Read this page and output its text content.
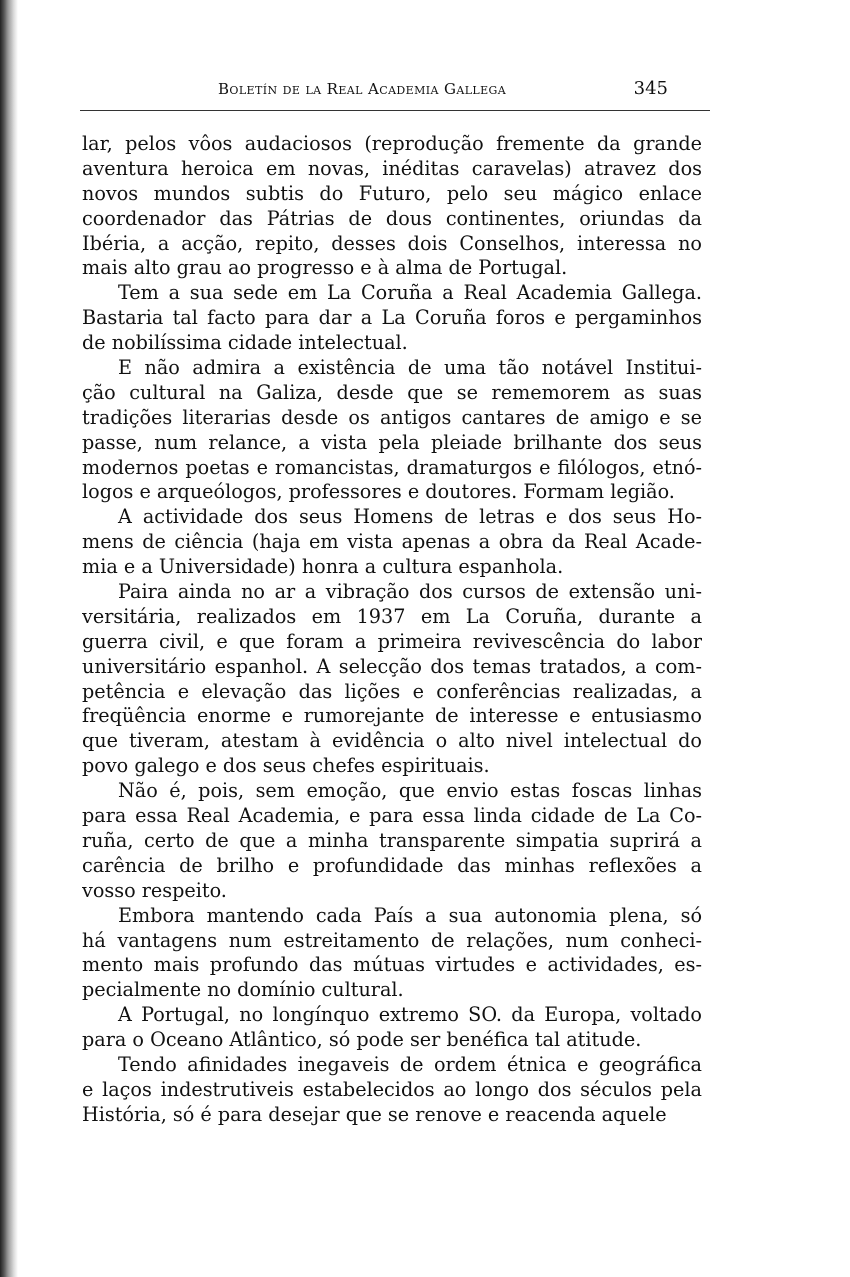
Boletín de la Real Academia Gallega	345
lar, pelos vôos audaciosos (reprodução fremente da grande
aventura heroica em novas, inéditas caravelas) atravez dos
novos mundos subtis do Futuro, pelo seu mágico enlace
coordenador das Pátrias de dous continentes, oriundas da
Ibéria, a acção, repito, desses dois Conselhos, interessa no
mais alto grau ao progresso e à alma de Portugal.
Tem a sua sede em La Coruña a Real Academia Gallega.
Bastaria tal facto para dar a La Coruña foros e pergaminhos
de nobilíssima cidade intelectual.
E não admira a existência de uma tão notável Institui-
ção cultural na Galiza, desde que se rememorem as suas
tradições literarias desde os antigos cantares de amigo e se
passe, num relance, a vista pela pleiade brilhante dos seus
modernos poetas e romancistas, dramaturgos e filólogos, etnó-
logos e arqueólogos, professores e doutores. Formam legião.
A actividade dos seus Homens de letras e dos seus Ho-
mens de ciência (haja em vista apenas a obra da Real Acade-
mia e a Universidade) honra a cultura espanhola.
Paira ainda no ar a vibração dos cursos de extensão uni-
versitária, realizados em 1937 em La Coruña, durante a
guerra civil, e que foram a primeira revivescência do labor
universitário espanhol. A selecção dos temas tratados, a com-
petência e elevação das lições e conferências realizadas, a
freqüência enorme e rumorejante de interesse e entusiasmo
que tiveram, atestam à evidência o alto nivel intelectual do
povo galego e dos seus chefes espirituais.
Não é, pois, sem emoção, que envio estas foscas linhas
para essa Real Academia, e para essa linda cidade de La Co-
ruña, certo de que a minha transparente simpatia suprirá a
carência de brilho e profundidade das minhas reflexões a
vosso respeito.
Embora mantendo cada País a sua autonomia plena, só
há vantagens num estreitamento de relações, num conheci-
mento mais profundo das mútuas virtudes e actividades, es-
pecialmente no domínio cultural.
A Portugal, no longínquo extremo SO. da Europa, voltado
para o Oceano Atlântico, só pode ser benéfica tal atitude.
Tendo afinidades inegaveis de ordem étnica e geográfica
e laços indestrutiveis estabelecidos ao longo dos séculos pela
História, só é para desejar que se renove e reacenda aquele
